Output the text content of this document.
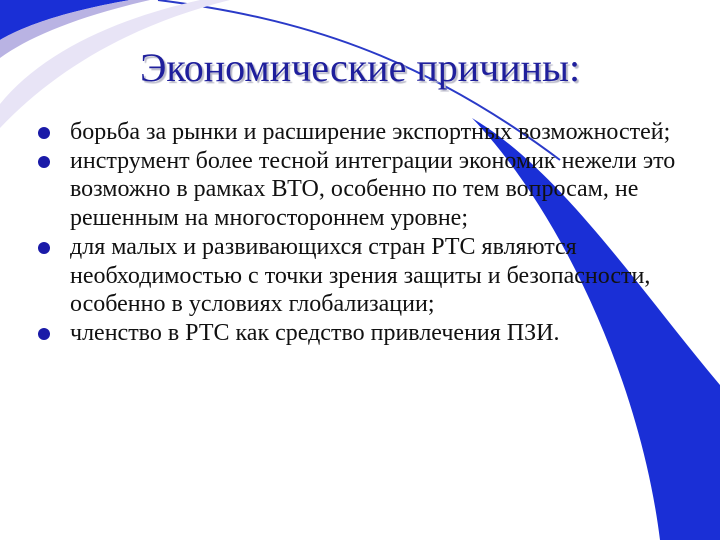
Экономические причины:
борьба за рынки и расширение экспортных возможностей;
инструмент более тесной интеграции экономик нежели это возможно в рамках ВТО, особенно по тем вопросам, не решенным на многостороннем уровне;
для малых и развивающихся стран РТС являются необходимостью с точки зрения защиты и безопасности, особенно в условиях глобализации;
членство в РТС как средство привлечения ПЗИ.
